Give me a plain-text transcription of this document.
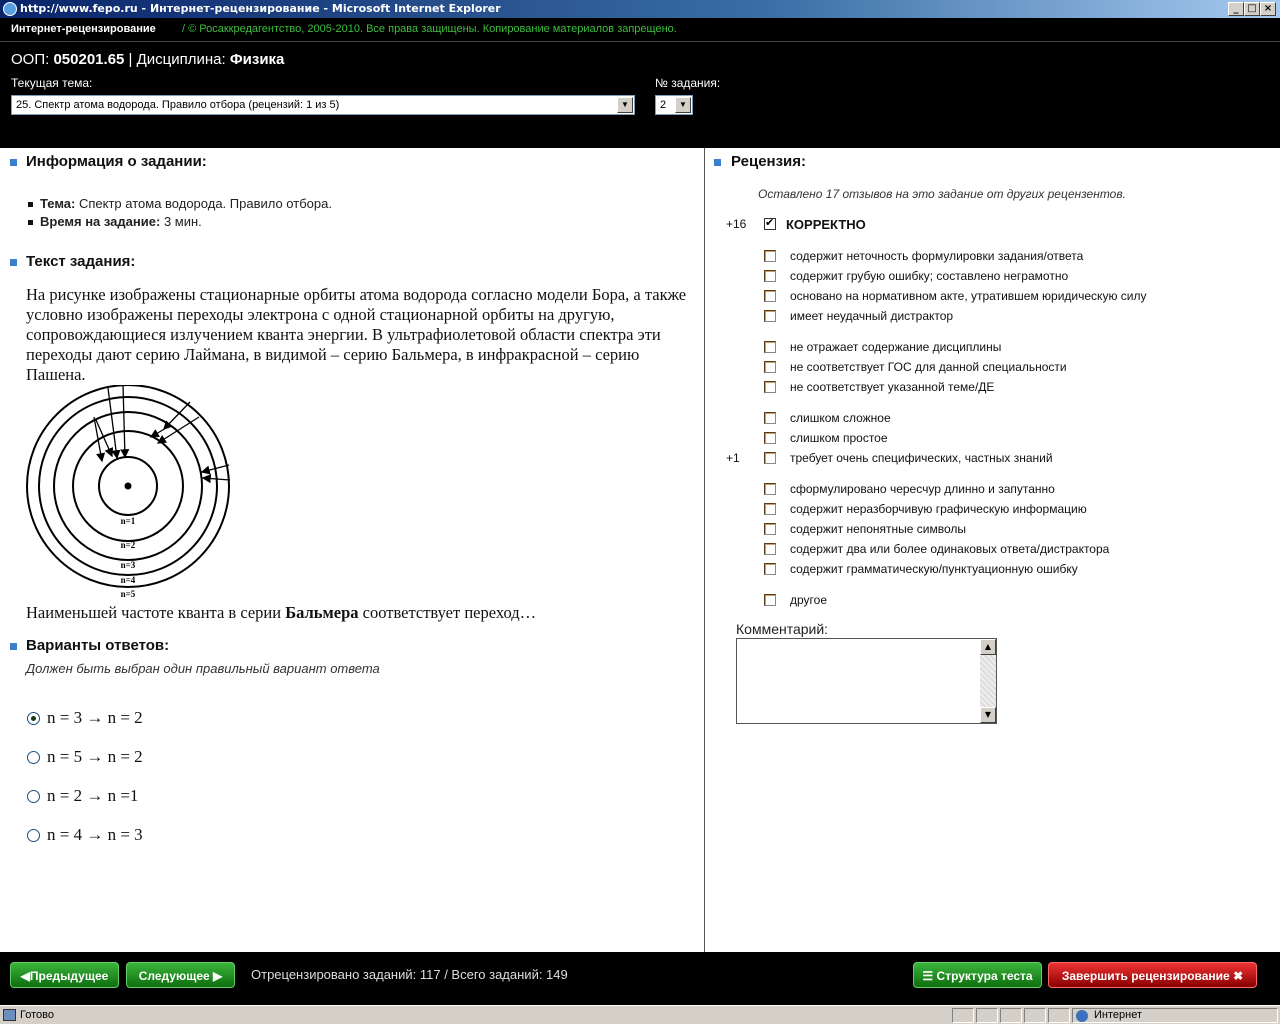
http://www.fepo.ru - Интернет-рецензирование - Microsoft Internet Explorer	_ □ ×
Интернет-рецензирование / © Росаккредагентство, 2005-2010. Все права защищены. Копирование материалов запрещено.
ООП: 050201.65 | Дисциплина: Физика
Текущая тема:
25. Спектр атома водорода. Правило отбора (рецензий: 1 из 5)	▼
№ задания:
2	▼
Информация о задании:
Тема: Спектр атома водорода. Правило отбора.
Время на задание: 3 мин.
Текст задания:
На рисунке изображены стационарные орбиты атома водорода согласно модели Бора, а также условно изображены переходы электрона с одной стационарной орбиты на другую, сопровождающиеся излучением кванта энергии. В ультрафиолетовой области спектра эти переходы дают серию Лаймана, в видимой – серию Бальмера, в инфракрасной – серию Пашена.
n=1
n=2
n=3
n=4
n=5
Наименьшей частоте кванта в серии Бальмера соответствует переход…
Варианты ответов:
Должен быть выбран один правильный вариант ответа
n = 3 → n = 2
n = 5 → n = 2
n = 2 → n =1
n = 4 → n = 3
Рецензия:
Оставлено 17 отзывов на это задание от других рецензентов.
+16
✔	КОРРЕКТНО
содержит неточность формулировки задания/ответа
содержит грубую ошибку; составлено неграмотно
основано на нормативном акте, утратившем юридическую силу
имеет неудачный дистрактор
не отражает содержание дисциплины
не соответствует ГОС для данной специальности
не соответствует указанной теме/ДЕ
слишком сложное
слишком простое
+1	требует очень специфических, частных знаний
сформулировано чересчур длинно и запутанно
содержит неразборчивую графическую информацию
содержит непонятные символы
содержит два или более одинаковых ответа/дистрактора
содержит грамматическую/пунктуационную ошибку
другое
Комментарий:
▲
▼
◀Предыдущее	Следующее ▶	Отрецензировано заданий: 117 / Всего заданий: 149	☰ Структура теста	Завершить рецензирование ✖
Готово	Интернет
